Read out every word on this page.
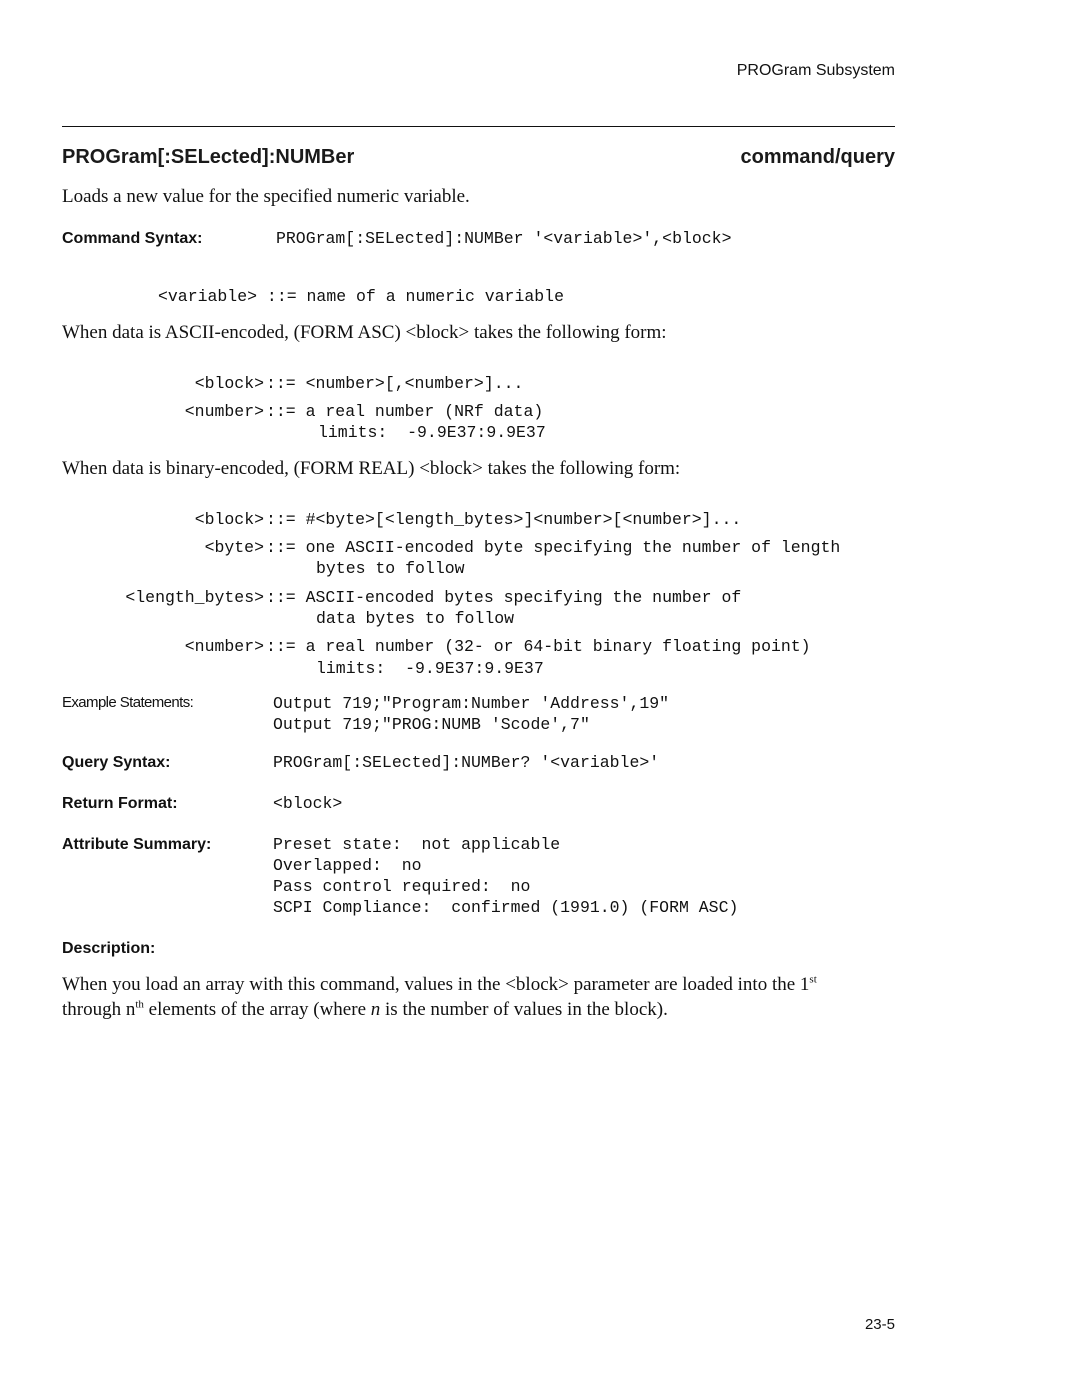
PROGram Subsystem
PROGram[:SELected]:NUMBer	command/query
Loads a new value for the specified numeric variable.
Command Syntax:	PROGram[:SELected]:NUMBer '<variable>',<block>
<variable> ::= name of a numeric variable
When data is ASCII-encoded, (FORM ASC) <block> takes the following form:
<block> ::= <number>[,<number>]...
<number> ::= a real number (NRf data)
limits:  -9.9E37:9.9E37
When data is binary-encoded, (FORM REAL) <block> takes the following form:
<block> ::= #<byte>[<length_bytes>]<number>[<number>]...
<byte> ::= one ASCII-encoded byte specifying the number of length
bytes to follow
<length_bytes> ::= ASCII-encoded bytes specifying the number of
data bytes to follow
<number> ::= a real number (32- or 64-bit binary floating point)
limits:  -9.9E37:9.9E37
Example Statements:	Output 719;"Program:Number 'Address',19"
Output 719;"PROG:NUMB 'Scode',7"
Query Syntax:	PROGram[:SELected]:NUMBer? '<variable>'
Return Format:	<block>
Attribute Summary:	Preset state:  not applicable
Overlapped:  no
Pass control required:  no
SCPI Compliance:  confirmed (1991.0) (FORM ASC)
Description:
When you load an array with this command, values in the <block> parameter are loaded into the 1st
through $n^{th}$ elements of the array (where n is the number of values in the block).
23-5
